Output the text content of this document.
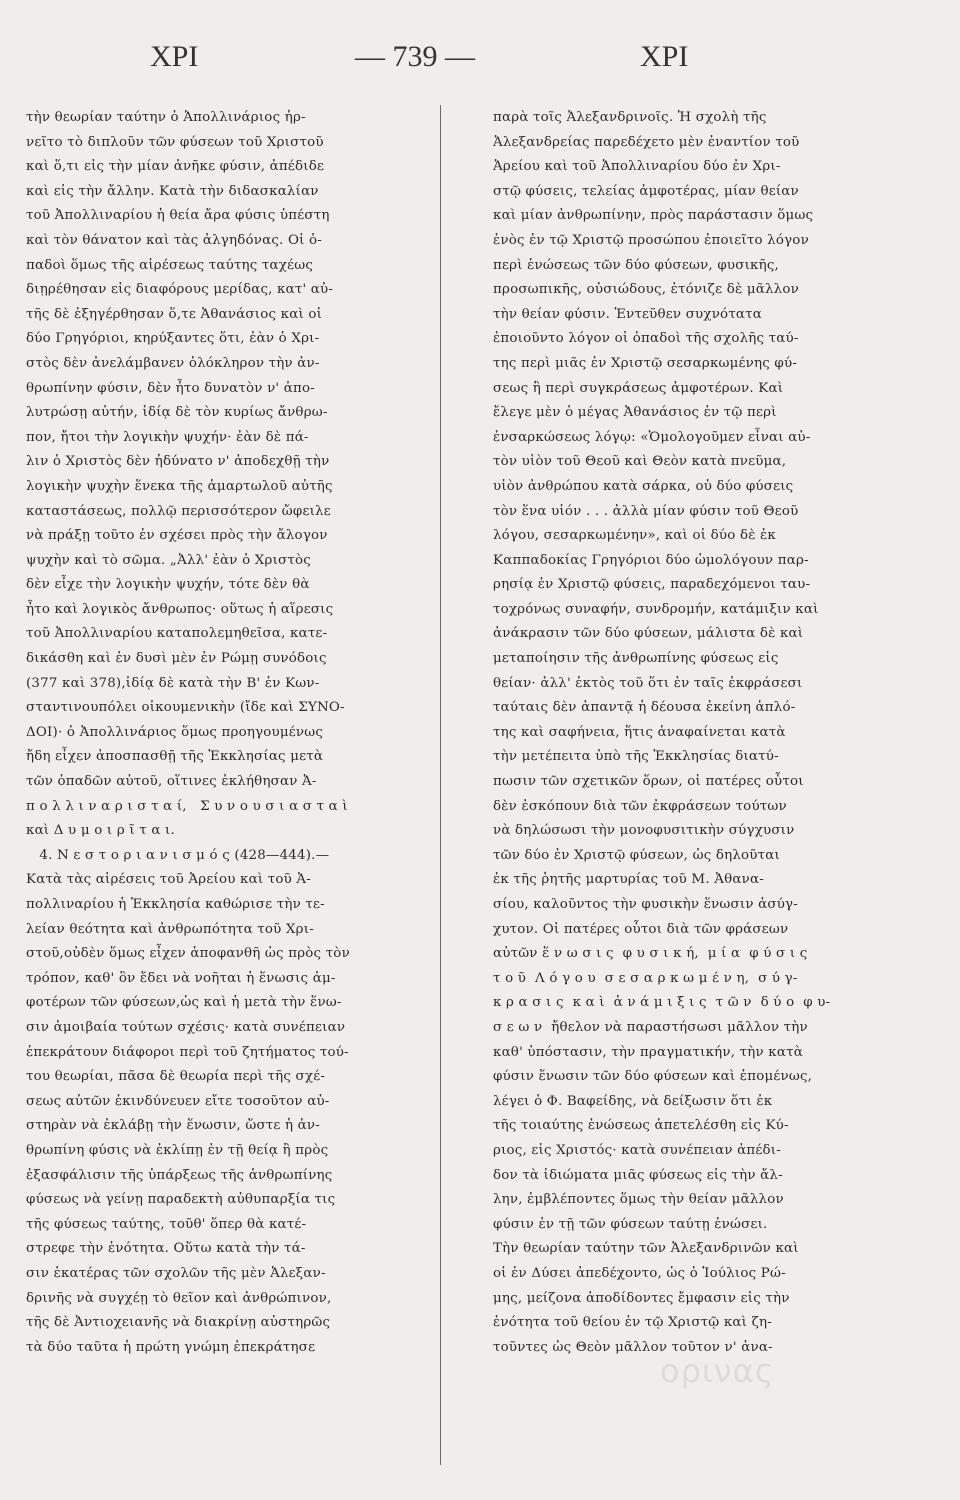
ΧΡΙ	— 739 —	ΧΡΙ
τὴν θεωρίαν ταύτην ὁ Ἀπολλινάριος ἠρ-
νεῖτο τὸ διπλοῦν τῶν φύσεων τοῦ Χριστοῦ
καὶ ὅ,τι εἰς τὴν μίαν ἀνῆκε φύσιν, ἀπέδιδε
καὶ εἰς τὴν ἄλλην. Κατὰ τὴν διδασκαλίαν
τοῦ Ἀπολλιναρίου ἡ θεία ἄρα φύσις ὑπέστη
καὶ τὸν θάνατον καὶ τὰς ἀλγηδόνας. Οἱ ὀ-
παδοὶ ὅμως τῆς αἱρέσεως ταύτης ταχέως
διῃρέθησαν εἰς διαφόρους μερίδας, κατ' αὐ-
τῆς δὲ ἐξηγέρθησαν ὅ,τε Ἀθανάσιος καὶ οἱ
δύο Γρηγόριοι, κηρύξαντες ὅτι, ἐὰν ὁ Χρι-
στὸς δὲν ἀνελάμβανεν ὁλόκληρον τὴν ἀν-
θρωπίνην φύσιν, δὲν ἦτο δυνατὸν ν' ἀπο-
λυτρώσῃ αὐτήν, ἰδίᾳ δὲ τὸν κυρίως ἄνθρω-
πον, ἤτοι τὴν λογικὴν ψυχήν· ἐὰν δὲ πά-
λιν ὁ Χριστὸς δὲν ἠδύνατο ν' ἀποδεχθῇ τὴν
λογικὴν ψυχὴν ἕνεκα τῆς ἁμαρτωλοῦ αὐτῆς
καταστάσεως, πολλῷ περισσότερον ὤφειλε
νὰ πράξῃ τοῦτο ἐν σχέσει πρὸς τὴν ἄλογον
ψυχὴν καὶ τὸ σῶμα. „Ἀλλ' ἐὰν ὁ Χριστὸς
δὲν εἶχε τὴν λογικὴν ψυχήν, τότε δὲν θὰ
ἦτο καὶ λογικὸς ἄνθρωπος· οὕτως ἡ αἵρεσις
τοῦ Ἀπολλιναρίου καταπολεμηθεῖσα, κατε-
δικάσθη καὶ ἐν δυσὶ μὲν ἐν Ρώμῃ συνόδοις
(377 καὶ 378),ἰδίᾳ δὲ κατὰ τὴν Β' ἐν Κων-
σταντινουπόλει οἰκουμενικὴν (ἴδε καὶ ΣΥΝΟ-
ΔΟΙ)· ὁ Ἀπολλινάριος ὅμως προηγουμένως
ἤδη εἶχεν ἀποσπασθῇ τῆς Ἐκκλησίας μετὰ
τῶν ὀπαδῶν αὐτοῦ, οἵτινες ἐκλήθησαν Ἀ-
π ο λ λ ι ν α ρ ι σ τ α ί,   Σ υ ν ο υ σ ι α σ τ α ὶ
καὶ Δ υ μ ο ι ρ ῖ τ α ι.
4. Ν ε σ τ ο ρ ι α ν ι σ μ ό ς (428—444).—
Κατὰ τὰς αἱρέσεις τοῦ Ἀρείου καὶ τοῦ Ἀ-
πολλιναρίου ἡ Ἐκκλησία καθώρισε τὴν τε-
λείαν θεότητα καὶ ἀνθρωπότητα τοῦ Χρι-
στοῦ,οὐδὲν ὅμως εἶχεν ἀποφανθῆ ὡς πρὸς τὸν
τρόπον, καθ' ὃν ἔδει νὰ νοῆται ἡ ἕνωσις ἀμ-
φοτέρων τῶν φύσεων,ὡς καὶ ἡ μετὰ τὴν ἕνω-
σιν ἀμοιβαία τούτων σχέσις· κατὰ συνέπειαν
ἐπεκράτουν διάφοροι περὶ τοῦ ζητήματος τού-
του θεωρίαι, πᾶσα δὲ θεωρία περὶ τῆς σχέ-
σεως αὐτῶν ἐκινδύνευεν εἴτε τοσοῦτον αὐ-
στηρὰν νὰ ἐκλάβῃ τὴν ἕνωσιν, ὥστε ἡ ἀν-
θρωπίνη φύσις νὰ ἐκλίπῃ ἐν τῇ θείᾳ ἢ πρὸς
ἐξασφάλισιν τῆς ὑπάρξεως τῆς ἀνθρωπίνης
φύσεως νὰ γείνῃ παραδεκτὴ αὐθυπαρξία τις
τῆς φύσεως ταύτης, τοῦθ' ὅπερ θὰ κατέ-
στρεφε τὴν ἑνότητα. Οὕτω κατὰ τὴν τά-
σιν ἑκατέρας τῶν σχολῶν τῆς μὲν Ἀλεξαν-
δρινῆς νὰ συγχέῃ τὸ θεῖον καὶ ἀνθρώπινον,
τῆς δὲ Ἀντιοχειανῆς νὰ διακρίνῃ αὐστηρῶς
τὰ δύο ταῦτα ἡ πρώτη γνώμη ἐπεκράτησε
παρὰ τοῖς Ἀλεξανδρινοῖς. Ἡ σχολὴ τῆς
Ἀλεξανδρείας παρεδέχετο μὲν ἐναντίον τοῦ
Ἀρείου καὶ τοῦ Ἀπολλιναρίου δύο ἐν Χρι-
στῷ φύσεις, τελείας ἀμφοτέρας, μίαν θείαν
καὶ μίαν ἀνθρωπίνην, πρὸς παράστασιν ὅμως
ἑνὸς ἐν τῷ Χριστῷ προσώπου ἐποιεῖτο λόγον
περὶ ἑνώσεως τῶν δύο φύσεων, φυσικῆς,
προσωπικῆς, οὐσιώδους, ἐτόνιζε δὲ μᾶλλον
τὴν θείαν φύσιν. Ἐντεῦθεν συχνότατα
ἐποιοῦντο λόγον οἱ ὀπαδοὶ τῆς σχολῆς ταύ-
της περὶ μιᾶς ἐν Χριστῷ σεσαρκωμένης φύ-
σεως ἢ περὶ συγκράσεως ἀμφοτέρων. Καὶ
ἔλεγε μὲν ὁ μέγας Ἀθανάσιος ἐν τῷ περὶ
ἐνσαρκώσεως λόγῳ: «Ὁμολογοῦμεν εἶναι αὐ-
τὸν υἱὸν τοῦ Θεοῦ καὶ Θεὸν κατὰ πνεῦμα,
υἱὸν ἀνθρώπου κατὰ σάρκα, οὐ δύο φύσεις
τὸν ἕνα υἱόν . . . ἀλλὰ μίαν φύσιν τοῦ Θεοῦ
λόγου, σεσαρκωμένην», καὶ οἱ δύο δὲ ἐκ
Καππαδοκίας Γρηγόριοι δύο ὡμολόγουν παρ-
ρησίᾳ ἐν Χριστῷ φύσεις, παραδεχόμενοι ταυ-
τοχρόνως συναφήν, συνδρομήν, κατάμιξιν καὶ
ἀνάκρασιν τῶν δύο φύσεων, μάλιστα δὲ καὶ
μεταποίησιν τῆς ἀνθρωπίνης φύσεως εἰς
θείαν· ἀλλ' ἐκτὸς τοῦ ὅτι ἐν ταῖς ἐκφράσεσι
ταύταις δὲν ἀπαντᾷ ἡ δέουσα ἐκείνη ἁπλό-
της καὶ σαφήνεια, ἥτις ἀναφαίνεται κατὰ
τὴν μετέπειτα ὑπὸ τῆς Ἐκκλησίας διατύ-
πωσιν τῶν σχετικῶν ὅρων, οἱ πατέρες οὗτοι
δὲν ἐσκόπουν διὰ τῶν ἐκφράσεων τούτων
νὰ δηλώσωσι τὴν μονοφυσιτικὴν σύγχυσιν
τῶν δύο ἐν Χριστῷ φύσεων, ὡς δηλοῦται
ἐκ τῆς ῥητῆς μαρτυρίας τοῦ Μ. Ἀθανα-
σίου, καλοῦντος τὴν φυσικὴν ἕνωσιν ἀσύγ-
χυτον. Οἱ πατέρες οὗτοι διὰ τῶν φράσεων
αὐτῶν ἕ ν ω σ ι ς  φ υ σ ι κ ή,  μ ί α  φ ύ σ ι ς
τ ο ῦ  Λ ό γ ο υ  σ ε σ α ρ κ ω μ έ ν η,  σ ύ γ-
κ ρ α σ ι ς  κ α ὶ  ἀ ν ά μ ι ξ ι ς  τ ῶ ν  δ ύ ο  φ υ-
σ ε ω ν  ἤθελον νὰ παραστήσωσι μᾶλλον τὴν
καθ' ὑπόστασιν, τὴν πραγματικήν, τὴν κατὰ
φύσιν ἕνωσιν τῶν δύο φύσεων καὶ ἐπομένως,
λέγει ὁ Φ. Βαφείδης, νὰ δείξωσιν ὅτι ἐκ
τῆς τοιαύτης ἑνώσεως ἀπετελέσθη εἰς Κύ-
ριος, εἰς Χριστός· κατὰ συνέπειαν ἀπέδι-
δον τὰ ἰδιώματα μιᾶς φύσεως εἰς τὴν ἄλ-
λην, ἐμβλέποντες ὅμως τὴν θείαν μᾶλλον
φύσιν ἐν τῇ τῶν φύσεων ταύτῃ ἑνώσει.
Τὴν θεωρίαν ταύτην τῶν Ἀλεξανδρινῶν καὶ
οἱ ἐν Δύσει ἀπεδέχοντο, ὡς ὁ Ἰούλιος Ρώ-
μης, μείζονα ἀποδίδοντες ἔμφασιν εἰς τὴν
ἑνότητα τοῦ θείου ἐν τῷ Χριστῷ καὶ ζη-
τοῦντες ὡς Θεὸν μᾶλλον τοῦτον ν' ἀνα-
ορινας
